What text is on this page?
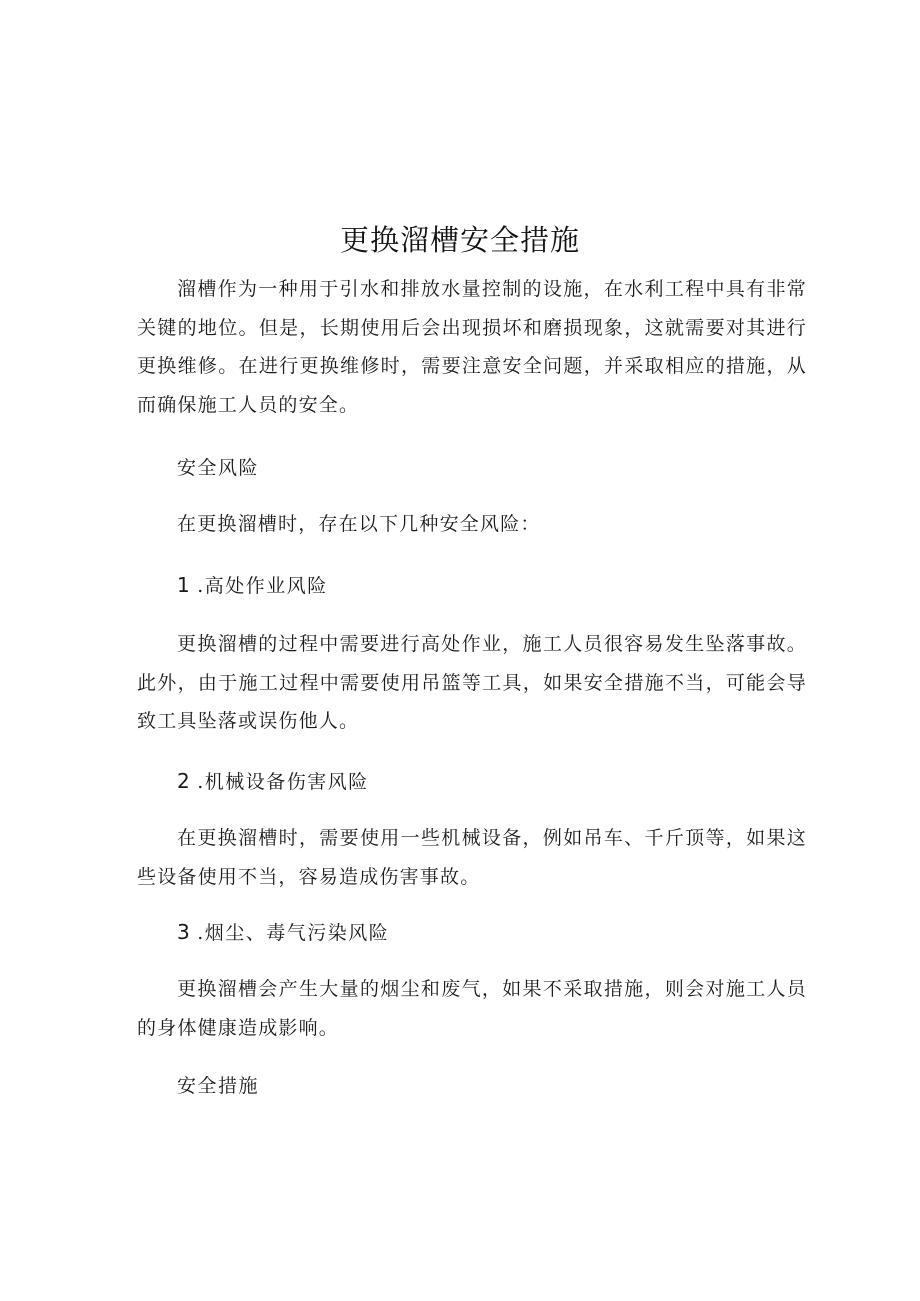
更换溜槽安全措施

溜槽作为一种用于引水和排放水量控制的设施，在水利工程中具有非常关键的地位。但是，长期使用后会出现损坏和磨损现象，这就需要对其进行更换维修。在进行更换维修时，需要注意安全问题，并采取相应的措施，从而确保施工人员的安全。

安全风险

在更换溜槽时，存在以下几种安全风险：

1 .高处作业风险

更换溜槽的过程中需要进行高处作业，施工人员很容易发生坠落事故。此外，由于施工过程中需要使用吊篮等工具，如果安全措施不当，可能会导致工具坠落或误伤他人。

2 .机械设备伤害风险

在更换溜槽时，需要使用一些机械设备，例如吊车、千斤顶等，如果这些设备使用不当，容易造成伤害事故。

3 .烟尘、毒气污染风险

更换溜槽会产生大量的烟尘和废气，如果不采取措施，则会对施工人员的身体健康造成影响。

安全措施
